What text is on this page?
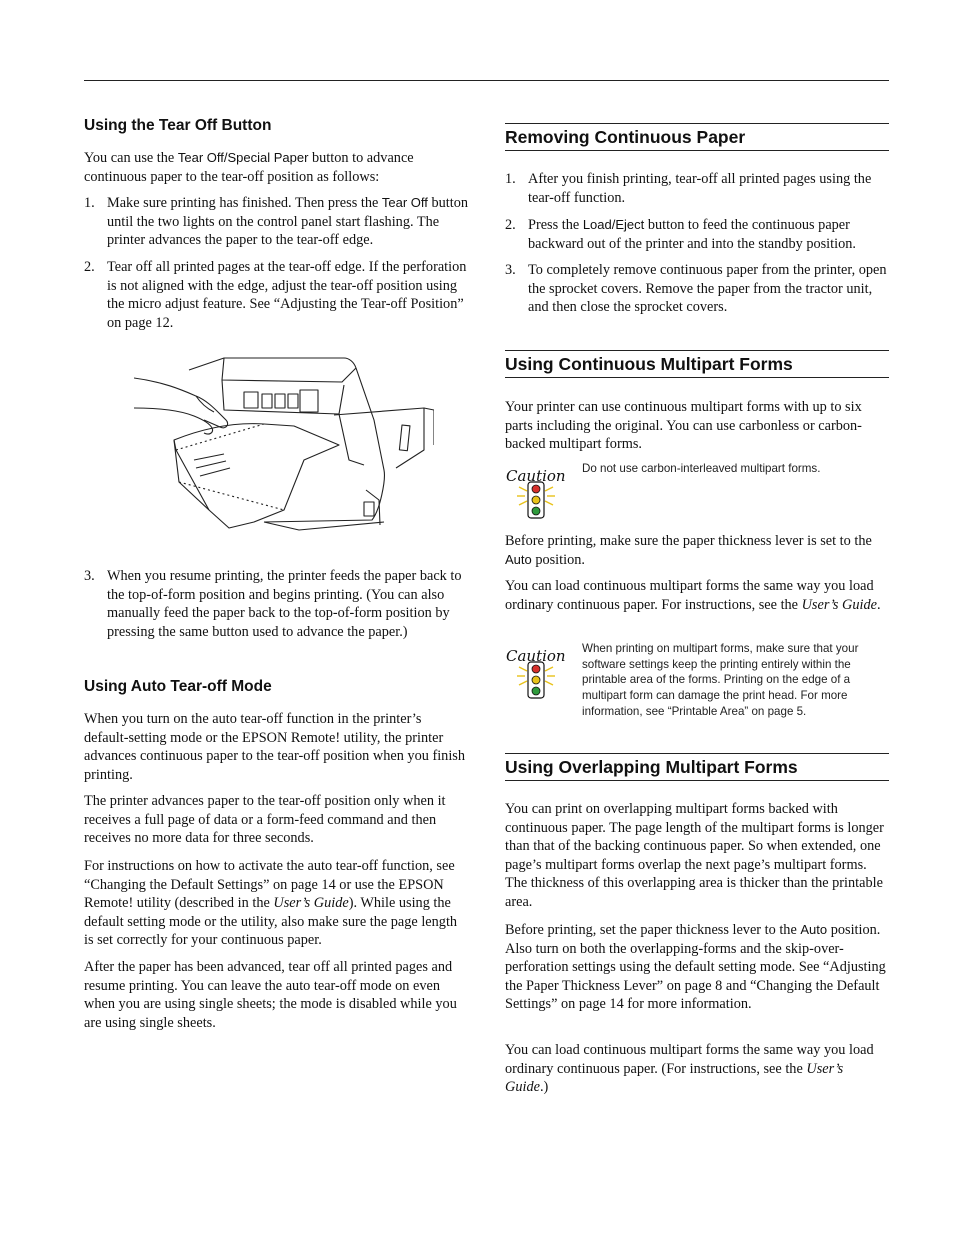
Using the Tear Off Button

You can use the Tear Off/Special Paper button to advance continuous paper to the tear-off position as follows:

1. Make sure printing has finished. Then press the Tear Off button until the two lights on the control panel start flashing. The printer advances the paper to the tear-off edge.
2. Tear off all printed pages at the tear-off edge. If the perforation is not aligned with the edge, adjust the tear-off position using the micro adjust feature. See “Adjusting the Tear-off Position” on page 12.
3. When you resume printing, the printer feeds the paper back to the top-of-form position and begins printing. (You can also manually feed the paper back to the top-of-form position by pressing the same button used to advance the paper.)
Using Auto Tear-off Mode

When you turn on the auto tear-off function in the printer’s default-setting mode or the EPSON Remote! utility, the printer advances continuous paper to the tear-off position when you finish printing.

The printer advances paper to the tear-off position only when it receives a full page of data or a form-feed command and then receives no more data for three seconds.

For instructions on how to activate the auto tear-off function, see “Changing the Default Settings” on page 14 or use the EPSON Remote! utility (described in the User’s Guide). While using the default setting mode or the utility, also make sure the page length is set correctly for your continuous paper.

After the paper has been advanced, tear off all printed pages and resume printing. You can leave the auto tear-off mode on even when you are using single sheets; the mode is disabled while you are using single sheets.

Removing Continuous Paper
1. After you finish printing, tear-off all printed pages using the tear-off function.
2. Press the Load/Eject button to feed the continuous paper backward out of the printer and into the standby position.
3. To completely remove continuous paper from the printer, open the sprocket covers. Remove the paper from the tractor unit, and then close the sprocket covers.
Using Continuous Multipart Forms

Your printer can use continuous multipart forms with up to six parts including the original. You can use carbonless or carbon-backed multipart forms.

Caution Do not use carbon-interleaved multipart forms.

Before printing, make sure the paper thickness lever is set to the Auto position.

You can load continuous multipart forms the same way you load ordinary continuous paper. For instructions, see the User’s Guide.

Caution When printing on multipart forms, make sure that your software settings keep the printing entirely within the printable area of the forms. Printing on the edge of a multipart form can damage the print head. For more information, see “Printable Area” on page 5.
Using Overlapping Multipart Forms

You can print on overlapping multipart forms backed with continuous paper. The page length of the multipart forms is longer than that of the backing continuous paper. So when extended, one page’s multipart forms overlap the next page’s multipart forms. The thickness of this overlapping area is thicker than the printable area.

Before printing, set the paper thickness lever to the Auto position. Also turn on both the overlapping-forms and the skip-over-perforation settings using the default setting mode. See “Adjusting the Paper Thickness Lever” on page 8 and “Changing the Default Settings” on page 14 for more information.

You can load continuous multipart forms the same way you load ordinary continuous paper. (For instructions, see the User’s Guide.)
